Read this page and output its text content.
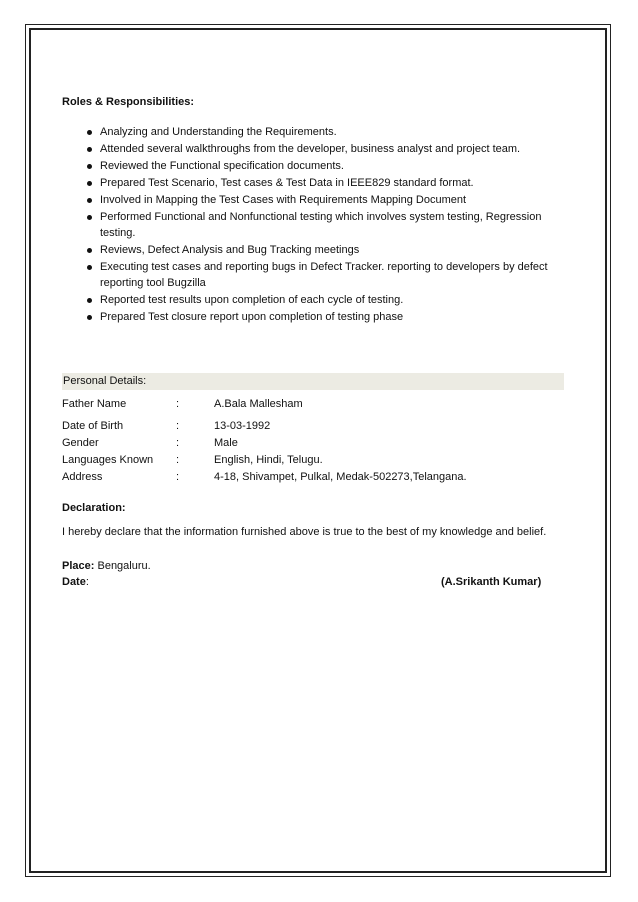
Roles & Responsibilities:
Analyzing and Understanding the Requirements.
Attended several walkthroughs from the developer, business analyst and project team.
Reviewed the Functional specification documents.
Prepared Test Scenario, Test cases & Test Data in IEEE829 standard format.
Involved in Mapping the Test Cases with Requirements Mapping Document
Performed Functional and Nonfunctional testing which involves system testing, Regression testing.
Reviews, Defect Analysis and Bug Tracking meetings
Executing test cases and reporting bugs in Defect Tracker. reporting to developers by defect reporting tool Bugzilla
Reported test results upon completion of each cycle of testing.
Prepared Test closure report upon completion of testing phase
Personal Details:
Father Name	:	A.Bala Mallesham
Date of Birth	:	13-03-1992
Gender	:	Male
Languages Known :	English, Hindi, Telugu.
Address	:	4-18, Shivampet, Pulkal, Medak-502273,Telangana.
Declaration:
I hereby declare that the information furnished above is true to the best of my knowledge and belief.
Place: Bengaluru.
Date:	(A.Srikanth Kumar)
